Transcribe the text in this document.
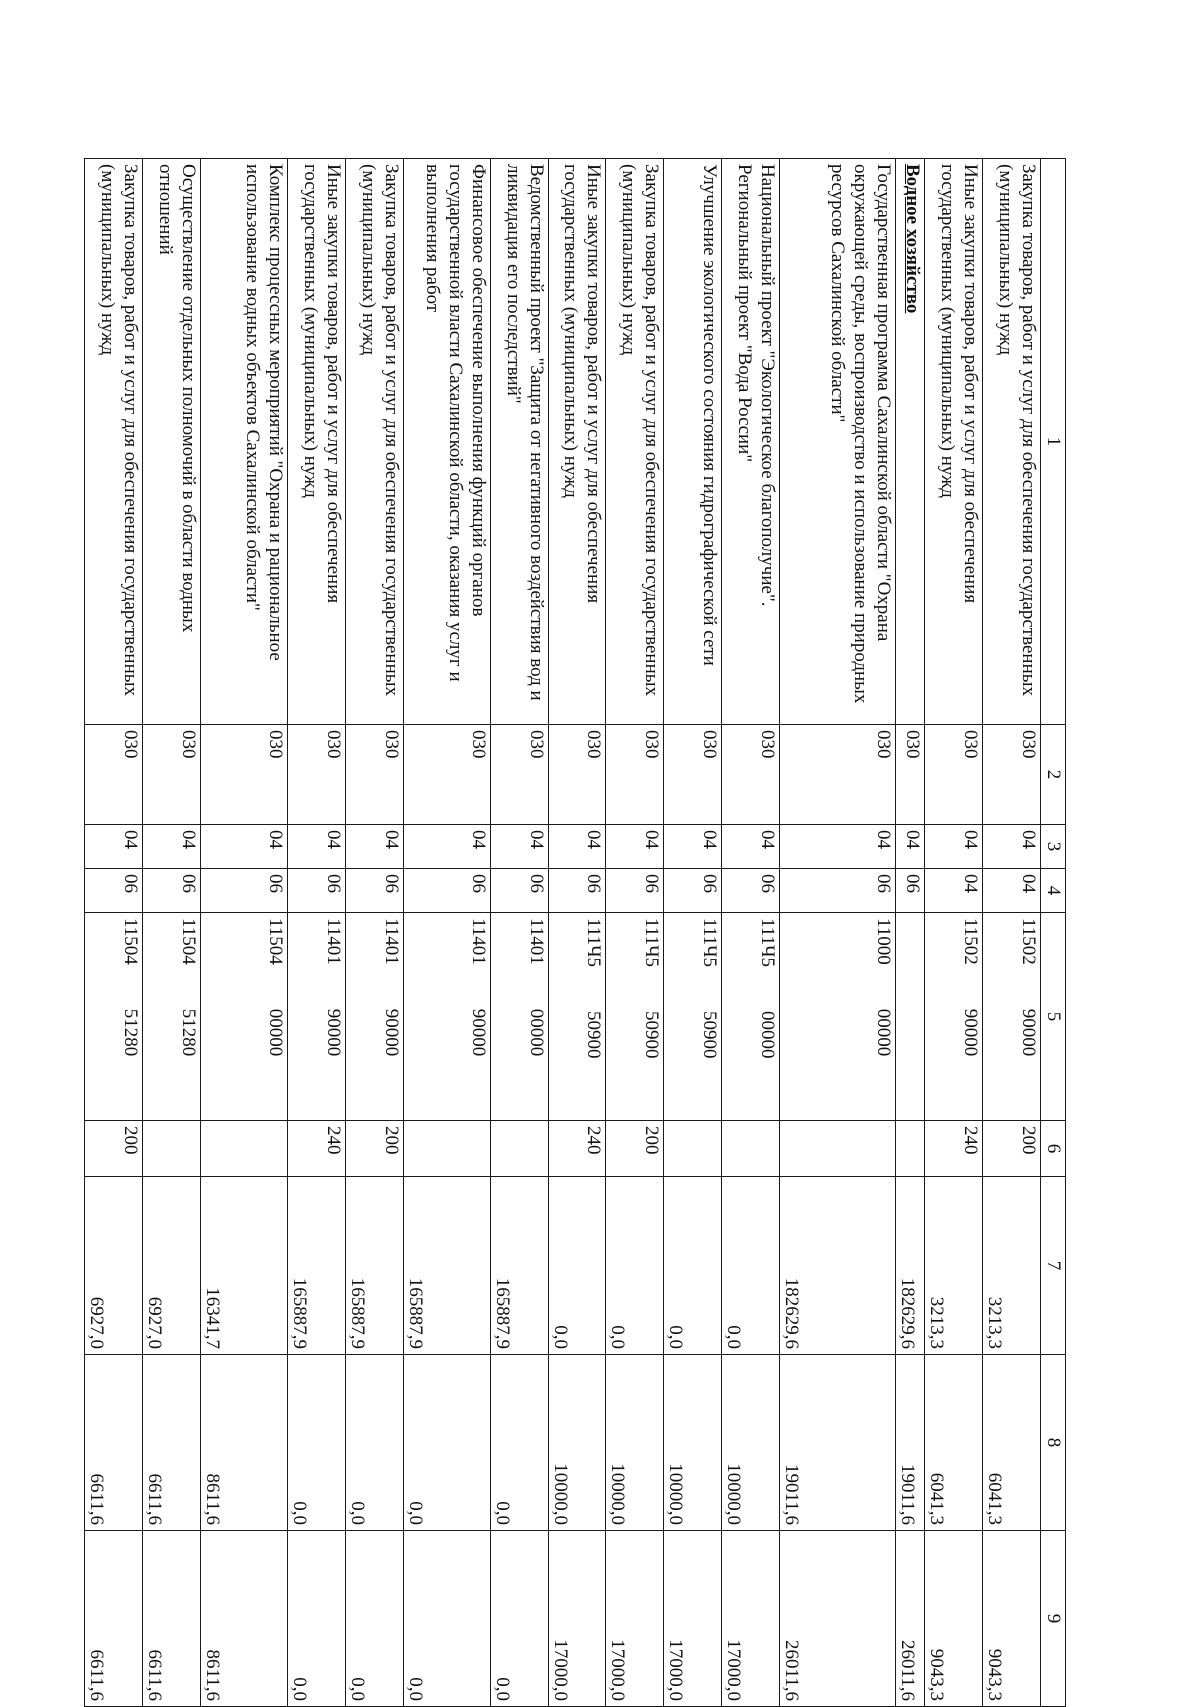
1	2	3	4	5	6	7	8	9
Закупка товаров, работ и услуг для обеспечения государственных (муниципальных) нужд	030	04	04	1150290000	200	3213,3	6041,3	9043,3
Иные закупки товаров, работ и услуг для обеспечения государственных (муниципальных) нужд	030	04	04	1150290000	240	3213,3	6041,3	9043,3
Водное хозяйство	030	04	06			182629,6	19011,6	26011,6
Государственная программа Сахалинской области "Охрана окружающей среды, воспроизводство и использование природных ресурсов Сахалинской области"	030	04	06	1100000000		182629,6	19011,6	26011,6
Национальный проект "Экологическое благополучие". Региональный проект "Вода России"	030	04	06	111Ч500000		0,0	10000,0	17000,0
Улучшение экологического состояния гидрографической сети	030	04	06	111Ч550900		0,0	10000,0	17000,0
Закупка товаров, работ и услуг для обеспечения государственных (муниципальных) нужд	030	04	06	111Ч550900	200	0,0	10000,0	17000,0
Иные закупки товаров, работ и услуг для обеспечения государственных (муниципальных) нужд	030	04	06	111Ч550900	240	0,0	10000,0	17000,0
Ведомственный проект "Защита от негативного воздействия вод и ликвидация его последствий"	030	04	06	1140100000		165887,9	0,0	0,0
Финансовое обеспечение выполнения функций органов государственной власти Сахалинской области, оказания услуг и выполнения работ	030	04	06	1140190000		165887,9	0,0	0,0
Закупка товаров, работ и услуг для обеспечения государственных (муниципальных) нужд	030	04	06	1140190000	200	165887,9	0,0	0,0
Иные закупки товаров, работ и услуг для обеспечения государственных (муниципальных) нужд	030	04	06	1140190000	240	165887,9	0,0	0,0
Комплекс процессных мероприятий "Охрана и рациональное использование водных объектов Сахалинской области"	030	04	06	1150400000		16341,7	8611,6	8611,6
Осуществление отдельных полномочий в области водных отношений	030	04	06	1150451280		6927,0	6611,6	6611,6
Закупка товаров, работ и услуг для обеспечения государственных (муниципальных) нужд	030	04	06	1150451280	200	6927,0	6611,6	6611,6
